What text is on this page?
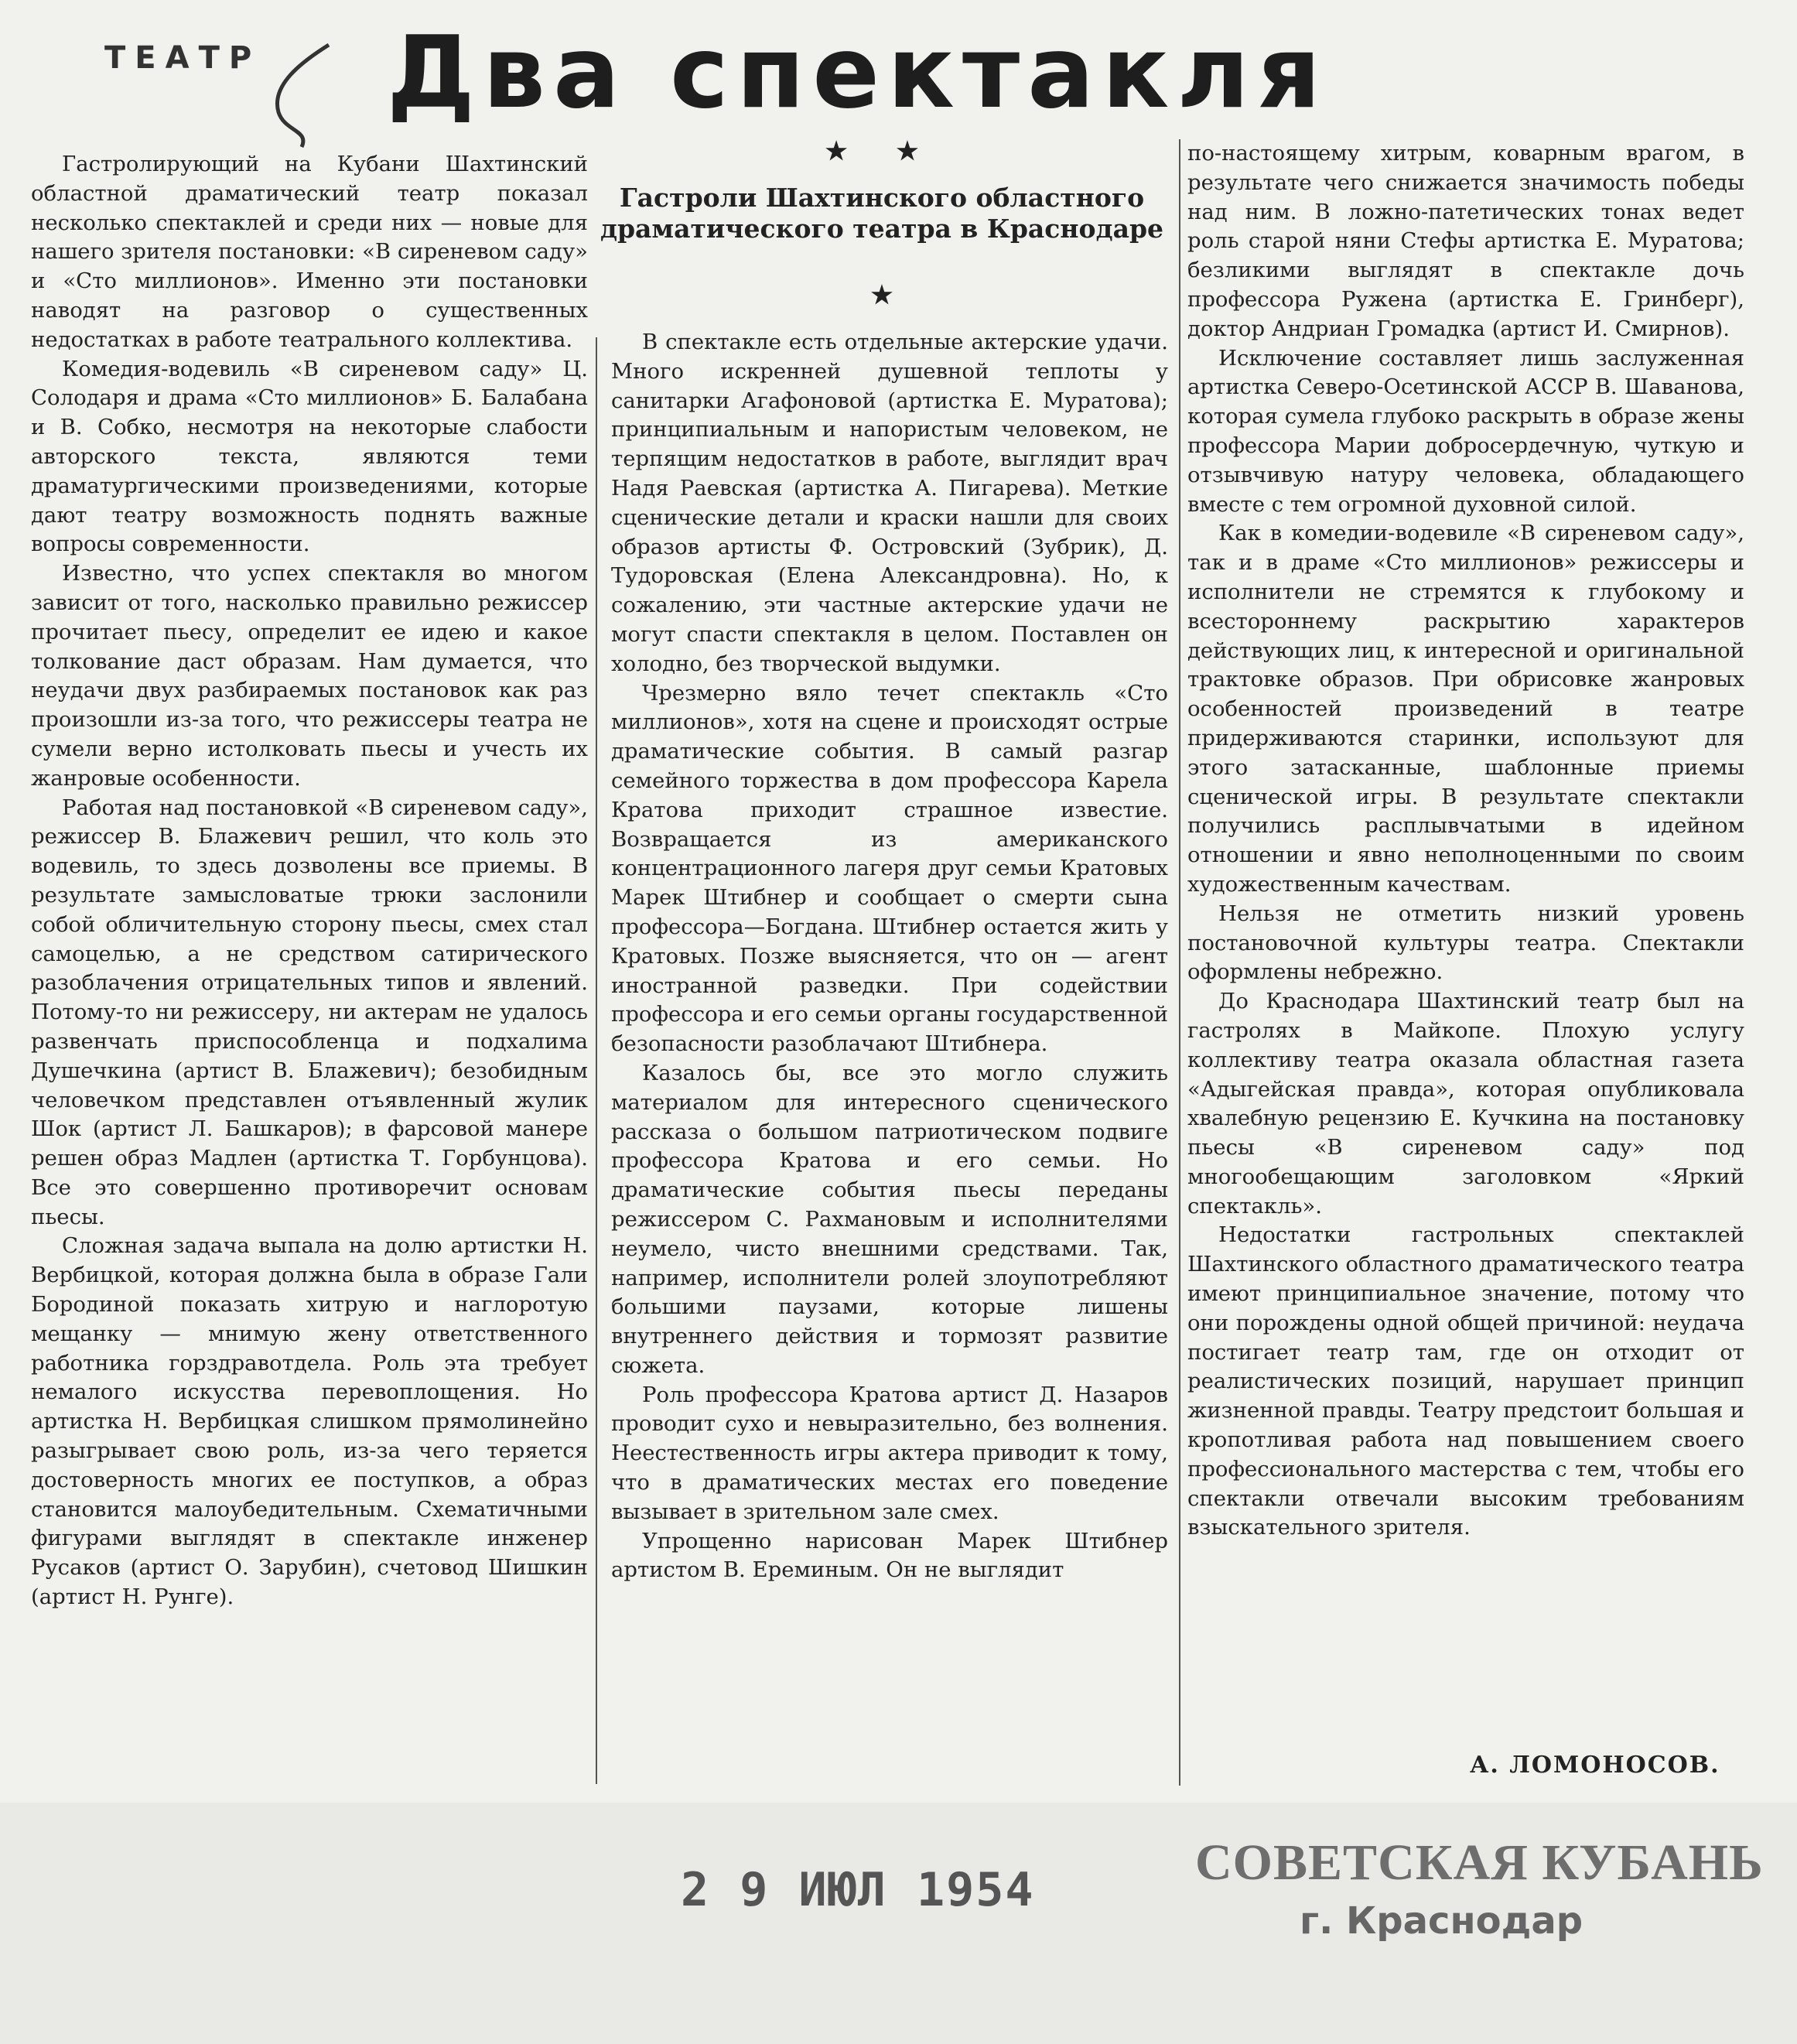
ТЕАТР Два спектакля
★ ★
Гастроли Шахтинского областного драматического театра в Краснодаре
★

Гастролирующий на Кубани Шахтинский областной драматический театр показал несколько спектаклей и среди них — новые для нашего зрителя постановки: «В сиреневом саду» и «Сто миллионов». Именно эти постановки наводят на разговор о существенных недостатках в работе театрального коллектива.

Комедия-водевиль «В сиреневом саду» Ц. Солодаря и драма «Сто миллионов» Б. Балабана и В. Собко, несмотря на некоторые слабости авторского текста, являются теми драматургическими произведениями, которые дают театру возможность поднять важные вопросы современности.

Известно, что успех спектакля во многом зависит от того, насколько правильно режиссер прочитает пьесу, определит ее идею и какое толкование даст образам. Нам думается, что неудачи двух разбираемых постановок как раз произошли из-за того, что режиссеры театра не сумели верно истолковать пьесы и учесть их жанровые особенности.

Работая над постановкой «В сиреневом саду», режиссер В. Блажевич решил, что коль это водевиль, то здесь дозволены все приемы. В результате замысловатые трюки заслонили собой обличительную сторону пьесы, смех стал самоцелью, а не средством сатирического разоблачения отрицательных типов и явлений. Потому-то ни режиссеру, ни актерам не удалось развенчать приспособленца и подхалима Душечкина (артист В. Блажевич); безобидным человечком представлен отъявленный жулик Шок (артист Л. Башкаров); в фарсовой манере решен образ Мадлен (артистка Т. Горбунцова). Все это совершенно противоречит основам пьесы.

Сложная задача выпала на долю артистки Н. Вербицкой, которая должна была в образе Гали Бородиной показать хитрую и наглоротую мещанку — мнимую жену ответственного работника горздравотдела. Роль эта требует немалого искусства перевоплощения. Но артистка Н. Вербицкая слишком прямолинейно разыгрывает свою роль, из-за чего теряется достоверность многих ее поступков, а образ становится малоубедительным. Схематичными фигурами выглядят в спектакле инженер Русаков (артист О. Зарубин), счетовод Шишкин (артист Н. Рунге).

В спектакле есть отдельные актерские удачи. Много искренней душевной теплоты у санитарки Агафоновой (артистка Е. Муратова); принципиальным и напористым человеком, не терпящим недостатков в работе, выглядит врач Надя Раевская (артистка А. Пигарева). Меткие сценические детали и краски нашли для своих образов артисты Ф. Островский (Зубрик), Д. Тудоровская (Елена Александровна). Но, к сожалению, эти частные актерские удачи не могут спасти спектакля в целом. Поставлен он холодно, без творческой выдумки.

Чрезмерно вяло течет спектакль «Сто миллионов», хотя на сцене и происходят острые драматические события. В самый разгар семейного торжества в дом профессора Карела Кратова приходит страшное известие. Возвращается из американского концентрационного лагеря друг семьи Кратовых Марек Штибнер и сообщает о смерти сына профессора—Богдана. Штибнер остается жить у Кратовых. Позже выясняется, что он — агент иностранной разведки. При содействии профессора и его семьи органы государственной безопасности разоблачают Штибнера.

Казалось бы, все это могло служить материалом для интересного сценического рассказа о большом патриотическом подвиге профессора Кратова и его семьи. Но драматические события пьесы переданы режиссером С. Рахмановым и исполнителями неумело, чисто внешними средствами. Так, например, исполнители ролей злоупотребляют большими паузами, которые лишены внутреннего действия и тормозят развитие сюжета.

Роль профессора Кратова артист Д. Назаров проводит сухо и невыразительно, без волнения. Неестественность игры актера приводит к тому, что в драматических местах его поведение вызывает в зрительном зале смех.

Упрощенно нарисован Марек Штибнер артистом В. Ереминым. Он не выглядит

по-настоящему хитрым, коварным врагом, в результате чего снижается значимость победы над ним. В ложно-патетических тонах ведет роль старой няни Стефы артистка Е. Муратова; безликими выглядят в спектакле дочь профессора Ружена (артистка Е. Гринберг), доктор Андриан Громадка (артист И. Смирнов).

Исключение составляет лишь заслуженная артистка Северо-Осетинской АССР В. Шаванова, которая сумела глубоко раскрыть в образе жены профессора Марии добросердечную, чуткую и отзывчивую натуру человека, обладающего вместе с тем огромной духовной силой.

Как в комедии-водевиле «В сиреневом саду», так и в драме «Сто миллионов» режиссеры и исполнители не стремятся к глубокому и всестороннему раскрытию характеров действующих лиц, к интересной и оригинальной трактовке образов. При обрисовке жанровых особенностей произведений в театре придерживаются старинки, используют для этого затасканные, шаблонные приемы сценической игры. В результате спектакли получились расплывчатыми в идейном отношении и явно неполноценными по своим художественным качествам.

Нельзя не отметить низкий уровень постановочной культуры театра. Спектакли оформлены небрежно.

До Краснодара Шахтинский театр был на гастролях в Майкопе. Плохую услугу коллективу театра оказала областная газета «Адыгейская правда», которая опубликовала хвалебную рецензию Е. Кучкина на постановку пьесы «В сиреневом саду» под многообещающим заголовком «Яркий спектакль».

Недостатки гастрольных спектаклей Шахтинского областного драматического театра имеют принципиальное значение, потому что они порождены одной общей причиной: неудача постигает театр там, где он отходит от реалистических позиций, нарушает принцип жизненной правды. Театру предстоит большая и кропотливая работа над повышением своего профессионального мастерства с тем, чтобы его спектакли отвечали высоким требованиям взыскательного зрителя.

А. ЛОМОНОСОВ.
2 9 ИЮЛ 1954	СОВЕТСКАЯ КУБАНЬ
г. Краснодар
